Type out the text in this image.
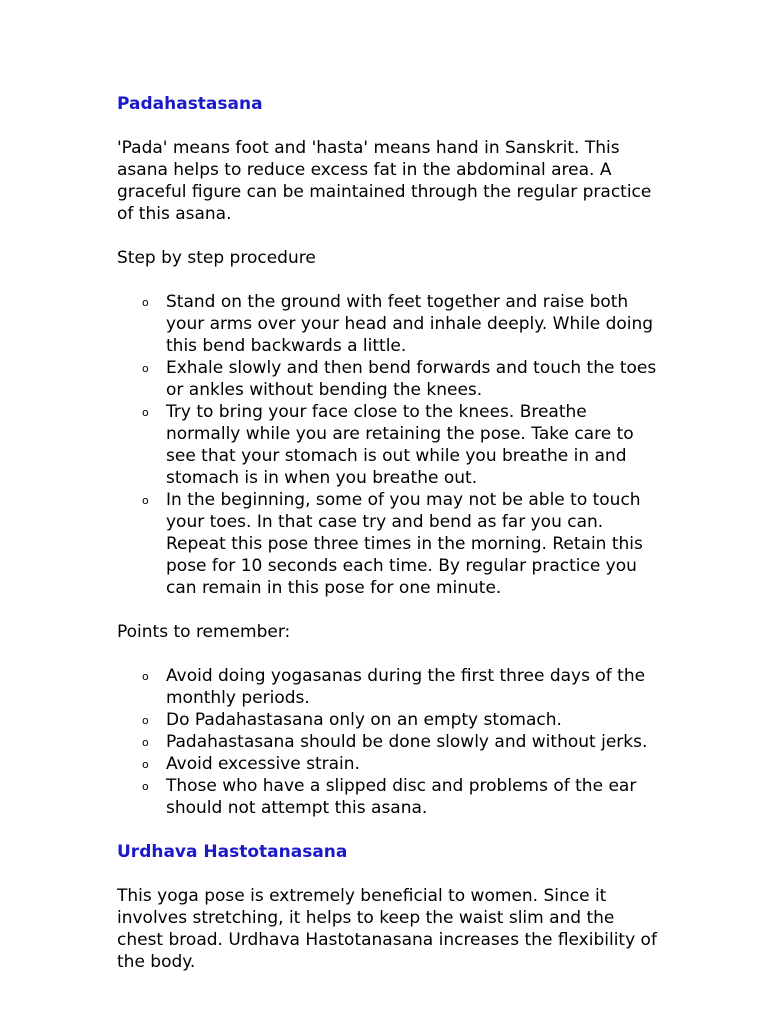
Padahastasana

'Pada' means foot and 'hasta' means hand in Sanskrit. This asana helps to reduce excess fat in the abdominal area. A graceful figure can be maintained through the regular practice of this asana.

Step by step procedure

o Stand on the ground with feet together and raise both your arms over your head and inhale deeply. While doing this bend backwards a little.
o Exhale slowly and then bend forwards and touch the toes or ankles without bending the knees.
o Try to bring your face close to the knees. Breathe normally while you are retaining the pose. Take care to see that your stomach is out while you breathe in and stomach is in when you breathe out.
o In the beginning, some of you may not be able to touch your toes. In that case try and bend as far you can. Repeat this pose three times in the morning. Retain this pose for 10 seconds each time. By regular practice you can remain in this pose for one minute.

Points to remember:

o Avoid doing yogasanas during the first three days of the monthly periods.
o Do Padahastasana only on an empty stomach.
o Padahastasana should be done slowly and without jerks.
o Avoid excessive strain.
o Those who have a slipped disc and problems of the ear should not attempt this asana.
Urdhava Hastotanasana

This yoga pose is extremely beneficial to women. Since it involves stretching, it helps to keep the waist slim and the chest broad. Urdhava Hastotanasana increases the flexibility of the body.
